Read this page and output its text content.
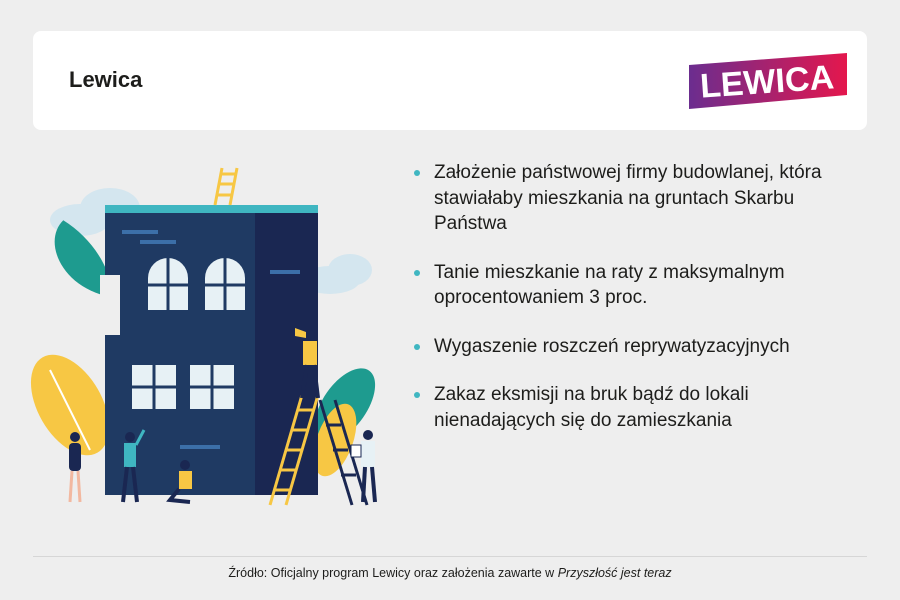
Lewica	LEWICA
Założenie państwowej firmy budowlanej, która stawiałaby mieszkania na gruntach Skarbu Państwa
Tanie mieszkanie na raty z maksymalnym oprocentowaniem 3 proc.
Wygaszenie roszczeń reprywatyzacyjnych
Zakaz eksmisji na bruk bądź do lokali nienadających się do zamieszkania
Źródło: Oficjalny program Lewicy oraz założenia zawarte w Przyszłość jest teraz
